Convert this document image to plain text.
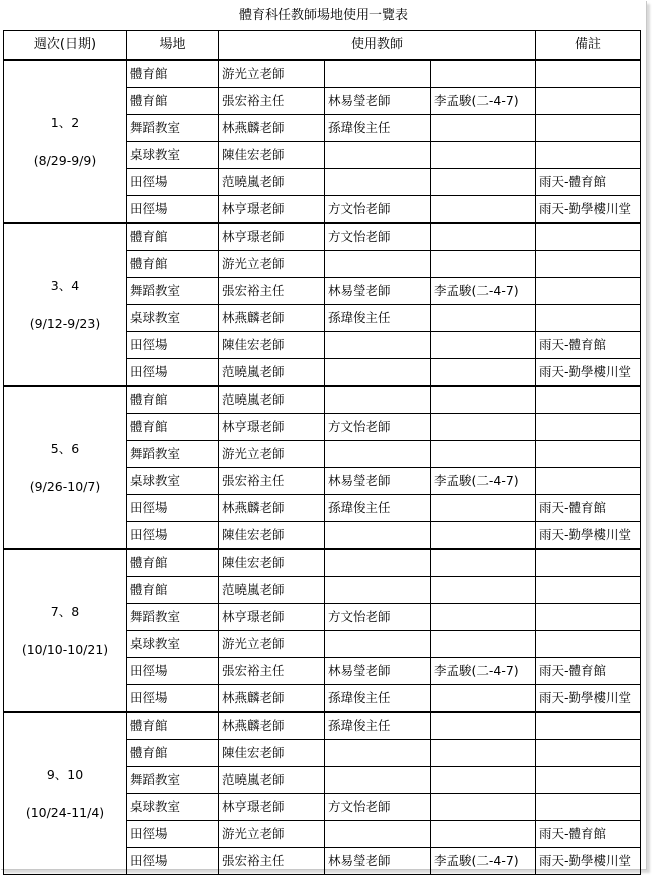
體育科任教師場地使用一覽表
週次(日期)	場地	使用教師			備註

1、2
(8/29-9/9)	體育館	游光立老師			
	體育館	張宏裕主任	林易瑩老師	李孟駿(二-4-7)	
	舞蹈教室	林燕麟老師	孫瑋俊主任		
	桌球教室	陳佳宏老師			
	田徑場	范曉嵐老師			雨天-體育館
	田徑場	林亨璟老師	方文怡老師		雨天-勤學樓川堂

3、4
(9/12-9/23)	體育館	林亨璟老師	方文怡老師		
	體育館	游光立老師			
	舞蹈教室	張宏裕主任	林易瑩老師	李孟駿(二-4-7)	
	桌球教室	林燕麟老師	孫瑋俊主任		
	田徑場	陳佳宏老師			雨天-體育館
	田徑場	范曉嵐老師			雨天-勤學樓川堂

5、6
(9/26-10/7)	體育館	范曉嵐老師			
	體育館	林亨璟老師	方文怡老師		
	舞蹈教室	游光立老師			
	桌球教室	張宏裕主任	林易瑩老師	李孟駿(二-4-7)	
	田徑場	林燕麟老師	孫瑋俊主任		雨天-體育館
	田徑場	陳佳宏老師			雨天-勤學樓川堂

7、8
(10/10-10/21)	體育館	陳佳宏老師			
	體育館	范曉嵐老師			
	舞蹈教室	林亨璟老師	方文怡老師		
	桌球教室	游光立老師			
	田徑場	張宏裕主任	林易瑩老師	李孟駿(二-4-7)	雨天-體育館
	田徑場	林燕麟老師	孫瑋俊主任		雨天-勤學樓川堂

9、10
(10/24-11/4)	體育館	林燕麟老師	孫瑋俊主任		
	體育館	陳佳宏老師			
	舞蹈教室	范曉嵐老師			
	桌球教室	林亨璟老師	方文怡老師		
	田徑場	游光立老師			雨天-體育館
	田徑場	張宏裕主任	林易瑩老師	李孟駿(二-4-7)	雨天-勤學樓川堂
